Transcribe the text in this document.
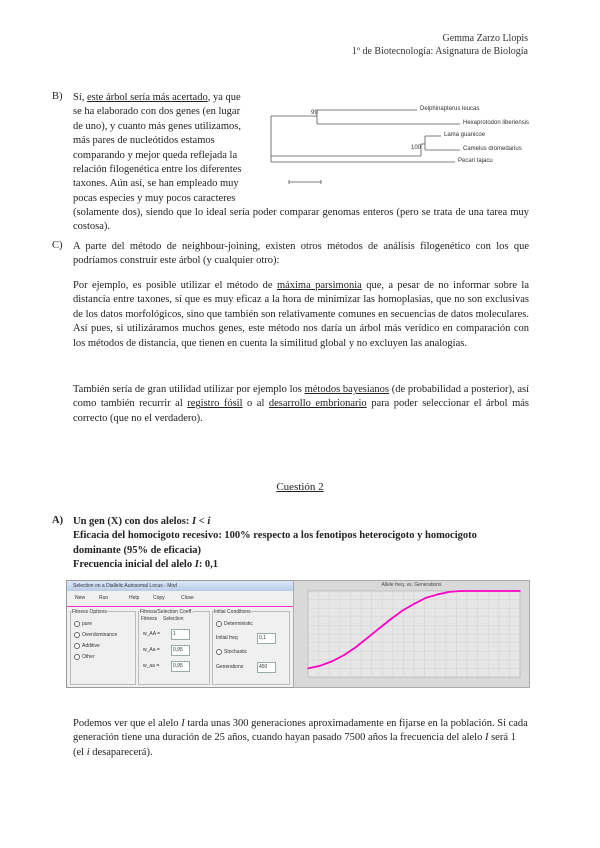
Gemma Zarzo Llopis
1º de Biotecnología: Asignatura de Biología
B) Sí, este árbol sería más acertado, ya que
se ha elaborado con dos genes (en lugar
de uno), y cuanto más genes utilizamos,
más pares de nucleótidos estamos
comparando y mejor queda reflejada la
relación filogenética entre los diferentes
taxones. Aún así, se han empleado muy
pocas especies y muy pocos caracteres
(solamente dos), siendo que lo ideal sería poder comparar genomas enteros (pero se trata de una tarea muy costosa).
99
100
Delphinapterus leucas
Hexaprotodon liberiensis
Lama guanicoe
Camelus dromedarius
Pecari tajacu
C) A parte del método de neighbour-joining, existen otros métodos de análisis filogenético con los que podríamos construir este árbol (y cualquier otro):
Por ejemplo, es posible utilizar el método de máxima parsimonia que, a pesar de no informar sobre la distancia entre taxones, sí que es muy eficaz a la hora de minimizar las homoplasias, que no son exclusivas de los datos morfológicos, sino que también son relativamente comunes en secuencias de datos moleculares. Así pues, si utilizáramos muchos genes, este método nos daría un árbol más verídico en comparación con los métodos de distancia, que tienen en cuenta la similitud global y no excluyen las analogías.
También sería de gran utilidad utilizar por ejemplo los métodos bayesianos (de probabilidad a posterior), así como también recurrir al registro fósil o al desarrollo embrionario para poder seleccionar el árbol más correcto (que no el verdadero).
Cuestión 2
A) Un gen (X) con dos alelos: I < i
Eficacia del homocigoto recesivo: 100% respecto a los fenotipos heterocigoto y homocigoto dominante (95% de eficacia)
Frecuencia inicial del alelo I: 0,1
Selection on a Diallelic Autosomal Locus - Mod
New	Run	Help	Copy	Close
Fitness Options
pure
Overdominance
Additive
Other
Fitness/Selection Coeff.
Fitness Selection
w_AA =	1
w_Aa =	0,95
w_aa =	0,95
Initial Conditions
Deterministic
Initial freq	0,1
Stochastic
Generations	450
Allele freq. vs. Generations
Podemos ver que el alelo I tarda unas 300 generaciones aproximadamente en fijarse en la población. Si cada generación tiene una duración de 25 años, cuando hayan pasado 7500 años la frecuencia del alelo I será 1 (el i desaparecerá).
